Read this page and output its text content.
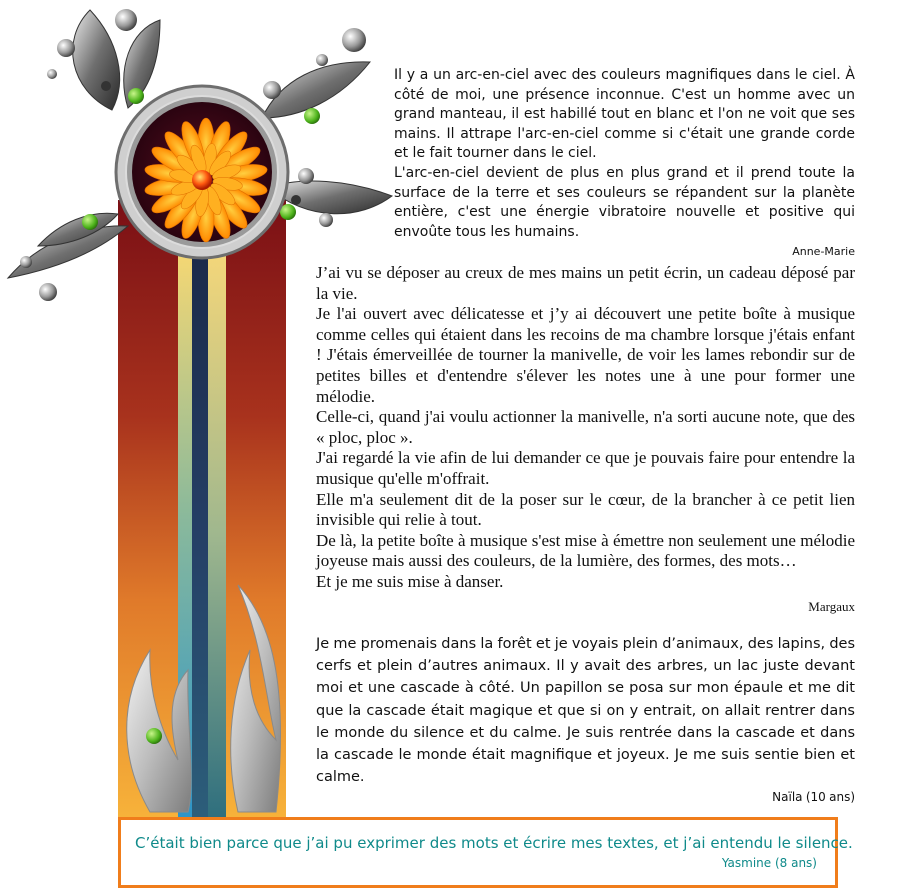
Il y a un arc-en-ciel avec des couleurs magnifiques dans le ciel. À côté de moi, une présence inconnue. C'est un homme avec un grand manteau, il est habillé tout en blanc et l'on ne voit que ses mains. Il attrape l'arc-en-ciel comme si c'était une grande corde et le fait tourner dans le ciel.

L'arc-en-ciel devient de plus en plus grand et il prend toute la surface de la terre et ses couleurs se répandent sur la planète entière, c'est une énergie vibratoire nouvelle et positive qui envoûte tous les humains.

Anne-Marie

J’ai vu se déposer au creux de mes mains un petit écrin, un cadeau déposé par la vie.

Je l'ai ouvert avec délicatesse et j’y ai découvert une petite boîte à musique comme celles qui étaient dans les recoins de ma chambre lorsque j'étais enfant ! J'étais émerveillée de tourner la manivelle, de voir les lames rebondir sur de petites billes et d'entendre s'élever les notes une à une pour former une mélodie.

Celle-ci, quand j'ai voulu actionner la manivelle, n'a sorti aucune note, que des « ploc, ploc ».

J'ai regardé la vie afin de lui demander ce que je pouvais faire pour entendre la musique qu'elle m'offrait.

Elle m'a seulement dit de la poser sur le cœur, de la brancher à ce petit lien invisible qui relie à tout.

De là, la petite boîte à musique s'est mise à émettre non seulement une mélodie joyeuse mais aussi des couleurs, de la lumière, des formes, des mots…

Et je me suis mise à danser.

Margaux

Je me promenais dans la forêt et je voyais plein d’animaux, des lapins, des cerfs et plein d’autres animaux. Il y avait des arbres, un lac juste devant moi et une cascade à côté. Un papillon se posa sur mon épaule et me dit que la cascade était magique et que si on y entrait, on allait rentrer dans le monde du silence et du calme. Je suis rentrée dans la cascade et dans la cascade le monde était magnifique et joyeux. Je me suis sentie bien et calme.

Naïla (10 ans)

C’était bien parce que j’ai pu exprimer des mots et écrire mes textes, et j’ai entendu le silence.
Yasmine (8 ans)
